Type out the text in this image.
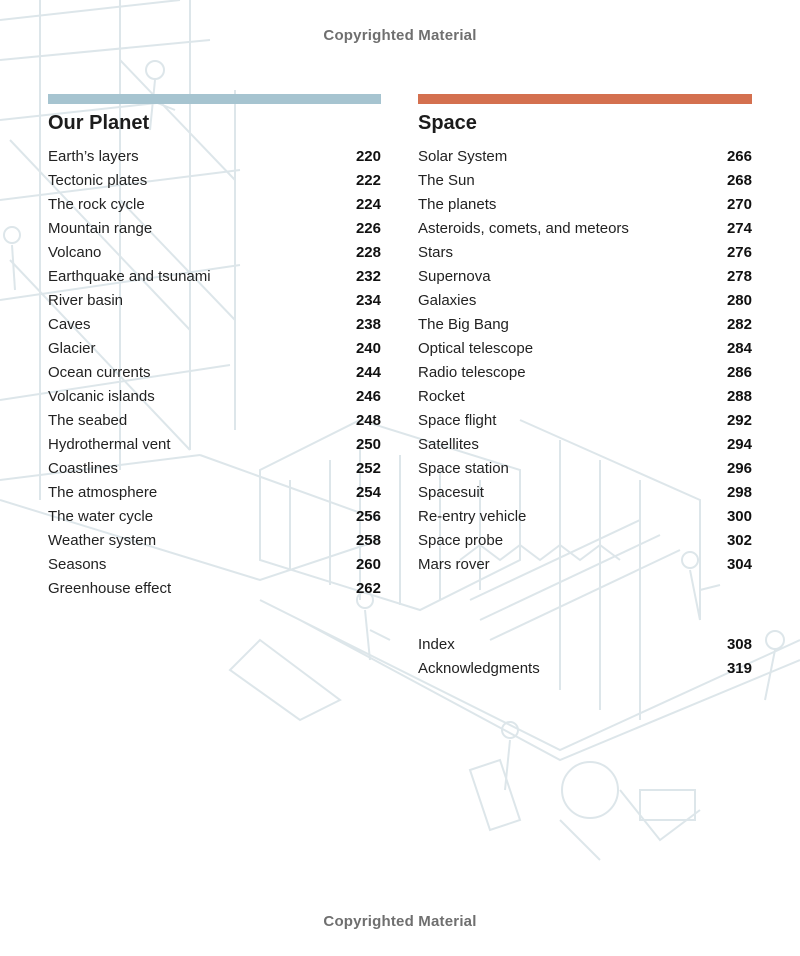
Copyrighted Material
Our Planet
Earth’s layers	220
Tectonic plates	222
The rock cycle	224
Mountain range	226
Volcano	228
Earthquake and tsunami	232
River basin	234
Caves	238
Glacier	240
Ocean currents	244
Volcanic islands	246
The seabed	248
Hydrothermal vent	250
Coastlines	252
The atmosphere	254
The water cycle	256
Weather system	258
Seasons	260
Greenhouse effect	262
Space
Solar System	266
The Sun	268
The planets	270
Asteroids, comets, and meteors	274
Stars	276
Supernova	278
Galaxies	280
The Big Bang	282
Optical telescope	284
Radio telescope	286
Rocket	288
Space flight	292
Satellites	294
Space station	296
Spacesuit	298
Re-entry vehicle	300
Space probe	302
Mars rover	304
Index	308
Acknowledgments	319
Copyrighted Material
